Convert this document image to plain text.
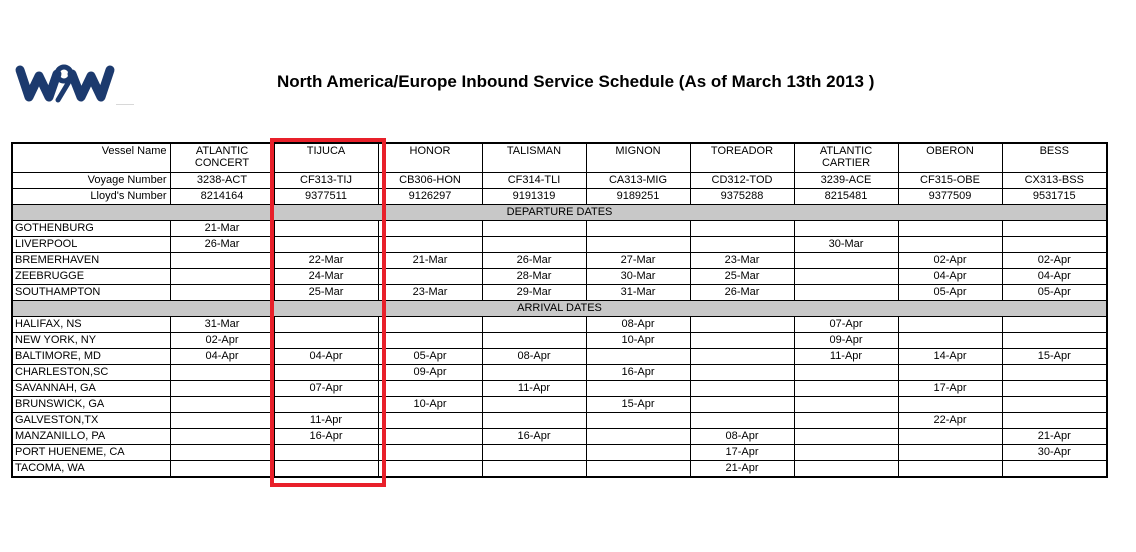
North America/Europe Inbound Service Schedule (As of March 13th 2013 )
Vessel Name	ATLANTIC CONCERT	TIJUCA	HONOR	TALISMAN	MIGNON	TOREADOR	ATLANTIC CARTIER	OBERON	BESS
Voyage Number	3238-ACT	CF313-TIJ	CB306-HON	CF314-TLI	CA313-MIG	CD312-TOD	3239-ACE	CF315-OBE	CX313-BSS
Lloyd's Number	8214164	9377511	9126297	9191319	9189251	9375288	8215481	9377509	9531715
DEPARTURE DATES									
GOTHENBURG	21-Mar								
LIVERPOOL	26-Mar						30-Mar		
BREMERHAVEN		22-Mar	21-Mar	26-Mar	27-Mar	23-Mar		02-Apr	02-Apr
ZEEBRUGGE		24-Mar		28-Mar	30-Mar	25-Mar		04-Apr	04-Apr
SOUTHAMPTON		25-Mar	23-Mar	29-Mar	31-Mar	26-Mar		05-Apr	05-Apr
ARRIVAL DATES									
HALIFAX, NS	31-Mar				08-Apr		07-Apr		
NEW YORK, NY	02-Apr				10-Apr		09-Apr		
BALTIMORE, MD	04-Apr	04-Apr	05-Apr	08-Apr			11-Apr	14-Apr	15-Apr
CHARLESTON,SC			09-Apr		16-Apr				
SAVANNAH, GA		07-Apr		11-Apr				17-Apr	
BRUNSWICK, GA			10-Apr		15-Apr				
GALVESTON,TX		11-Apr						22-Apr	
MANZANILLO, PA		16-Apr		16-Apr		08-Apr			21-Apr
PORT HUENEME, CA						17-Apr			30-Apr
TACOMA, WA						21-Apr			
